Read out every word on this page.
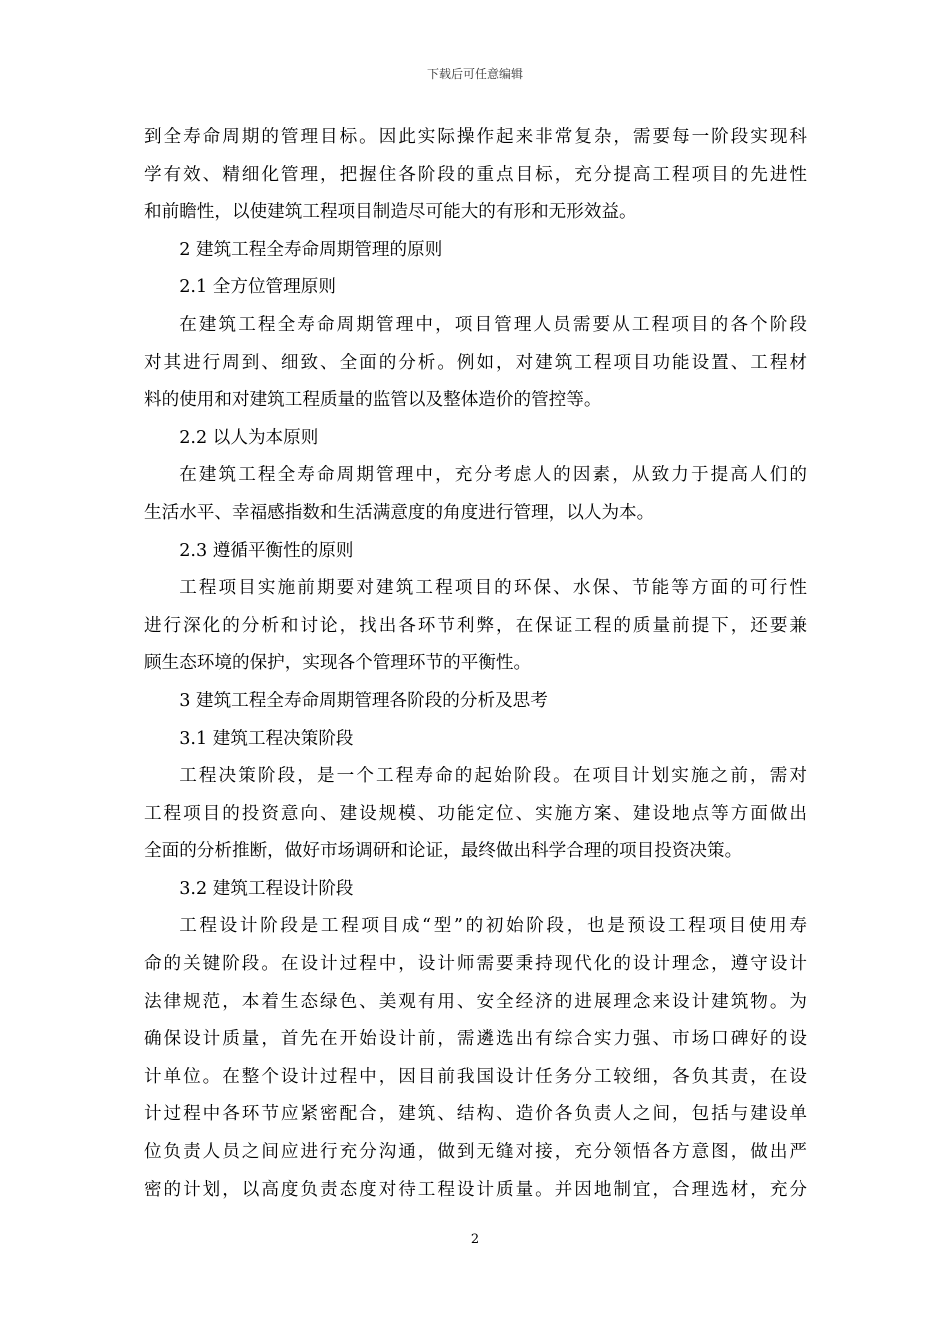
下载后可任意编辑

到全寿命周期的管理目标。因此实际操作起来非常复杂，需要每一阶段实现科
学有效、精细化管理，把握住各阶段的重点目标，充分提高工程项目的先进性
和前瞻性，以使建筑工程项目制造尽可能大的有形和无形效益。

2 建筑工程全寿命周期管理的原则

2.1 全方位管理原则

在建筑工程全寿命周期管理中，项目管理人员需要从工程项目的各个阶段
对其进行周到、细致、全面的分析。例如，对建筑工程项目功能设置、工程材
料的使用和对建筑工程质量的监管以及整体造价的管控等。

2.2 以人为本原则

在建筑工程全寿命周期管理中，充分考虑人的因素，从致力于提高人们的
生活水平、幸福感指数和生活满意度的角度进行管理，以人为本。

2.3 遵循平衡性的原则

工程项目实施前期要对建筑工程项目的环保、水保、节能等方面的可行性
进行深化的分析和讨论，找出各环节利弊，在保证工程的质量前提下，还要兼
顾生态环境的保护，实现各个管理环节的平衡性。

3 建筑工程全寿命周期管理各阶段的分析及思考

3.1 建筑工程决策阶段

工程决策阶段，是一个工程寿命的起始阶段。在项目计划实施之前，需对
工程项目的投资意向、建设规模、功能定位、实施方案、建设地点等方面做出
全面的分析推断，做好市场调研和论证，最终做出科学合理的项目投资决策。

3.2 建筑工程设计阶段

工程设计阶段是工程项目成“型”的初始阶段，也是预设工程项目使用寿
命的关键阶段。在设计过程中，设计师需要秉持现代化的设计理念，遵守设计
法律规范，本着生态绿色、美观有用、安全经济的进展理念来设计建筑物。为
确保设计质量，首先在开始设计前，需遴选出有综合实力强、市场口碑好的设
计单位。在整个设计过程中，因目前我国设计任务分工较细，各负其责，在设
计过程中各环节应紧密配合，建筑、结构、造价各负责人之间，包括与建设单
位负责人员之间应进行充分沟通，做到无缝对接，充分领悟各方意图，做出严
密的计划，以高度负责态度对待工程设计质量。并因地制宜，合理选材，充分

2
